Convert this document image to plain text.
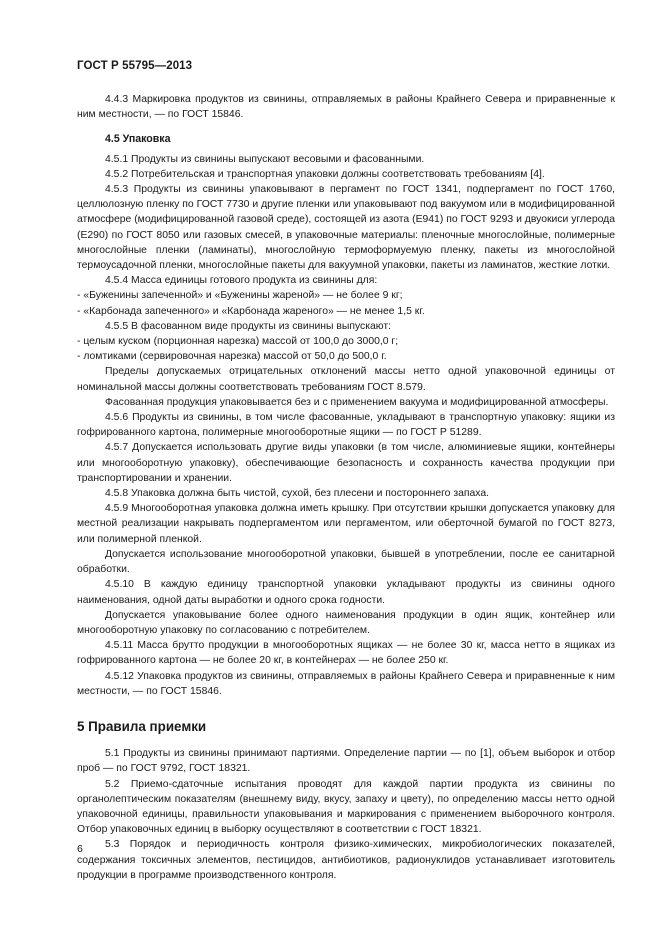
ГОСТ Р 55795—2013

4.4.3 Маркировка продуктов из свинины, отправляемых в районы Крайнего Севера и приравненные к ним местности, — по ГОСТ 15846.

4.5 Упаковка

4.5.1 Продукты из свинины выпускают весовыми и фасованными.

4.5.2 Потребительская и транспортная упаковки должны соответствовать требованиям [4].

4.5.3 Продукты из свинины упаковывают в пергамент по ГОСТ 1341, подпергамент по ГОСТ 1760, целлюлозную пленку по ГОСТ 7730 и другие пленки или упаковывают под вакуумом или в модифицированной атмосфере (модифицированной газовой среде), состоящей из азота (Е941) по ГОСТ 9293 и двуокиси углерода (Е290) по ГОСТ 8050 или газовых смесей, в упаковочные материалы: пленочные многослойные, полимерные многослойные пленки (ламинаты), многослойную термоформуемую пленку, пакеты из многослойной термоусадочной пленки, многослойные пакеты для вакуумной упаковки, пакеты из ламинатов, жесткие лотки.

4.5.4 Масса единицы готового продукта из свинины для:

- «Буженины запеченной» и «Буженины жареной» — не более 9 кг;

- «Карбонада запеченного» и «Карбонада жареного» — не менее 1,5 кг.

4.5.5 В фасованном виде продукты из свинины выпускают:

- целым куском (порционная нарезка) массой от 100,0 до 3000,0 г;

- ломтиками (сервировочная нарезка) массой от 50,0 до 500,0 г.

Пределы допускаемых отрицательных отклонений массы нетто одной упаковочной единицы от номинальной массы должны соответствовать требованиям ГОСТ 8.579.

Фасованная продукция упаковывается без и с применением вакуума и модифицированной атмосферы.

4.5.6 Продукты из свинины, в том числе фасованные, укладывают в транспортную упаковку: ящики из гофрированного картона, полимерные многооборотные ящики — по ГОСТ Р 51289.

4.5.7 Допускается использовать другие виды упаковки (в том числе, алюминиевые ящики, контейнеры или многооборотную упаковку), обеспечивающие безопасность и сохранность качества продукции при транспортировании и хранении.

4.5.8 Упаковка должна быть чистой, сухой, без плесени и постороннего запаха.

4.5.9 Многооборотная упаковка должна иметь крышку. При отсутствии крышки допускается упаковку для местной реализации накрывать подпергаментом или пергаментом, или оберточной бумагой по ГОСТ 8273, или полимерной пленкой.

Допускается использование многооборотной упаковки, бывшей в употреблении, после ее санитарной обработки.

4.5.10 В каждую единицу транспортной упаковки укладывают продукты из свинины одного наименования, одной даты выработки и одного срока годности.

Допускается упаковывание более одного наименования продукции в один ящик, контейнер или многооборотную упаковку по согласованию с потребителем.

4.5.11 Масса брутто продукции в многооборотных ящиках — не более 30 кг, масса нетто в ящиках из гофрированного картона — не более 20 кг, в контейнерах — не более 250 кг.

4.5.12 Упаковка продуктов из свинины, отправляемых в районы Крайнего Севера и приравненные к ним местности, — по ГОСТ 15846.

5 Правила приемки

5.1 Продукты из свинины принимают партиями. Определение партии — по [1], объем выборок и отбор проб — по ГОСТ 9792, ГОСТ 18321.

5.2 Приемо-сдаточные испытания проводят для каждой партии продукта из свинины по органолептическим показателям (внешнему виду, вкусу, запаху и цвету), по определению массы нетто одной упаковочной единицы, правильности упаковывания и маркирования с применением выборочного контроля. Отбор упаковочных единиц в выборку осуществляют в соответствии с ГОСТ 18321.

5.3 Порядок и периодичность контроля физико-химических, микробиологических показателей, содержания токсичных элементов, пестицидов, антибиотиков, радионуклидов устанавливает изготовитель продукции в программе производственного контроля.

6
